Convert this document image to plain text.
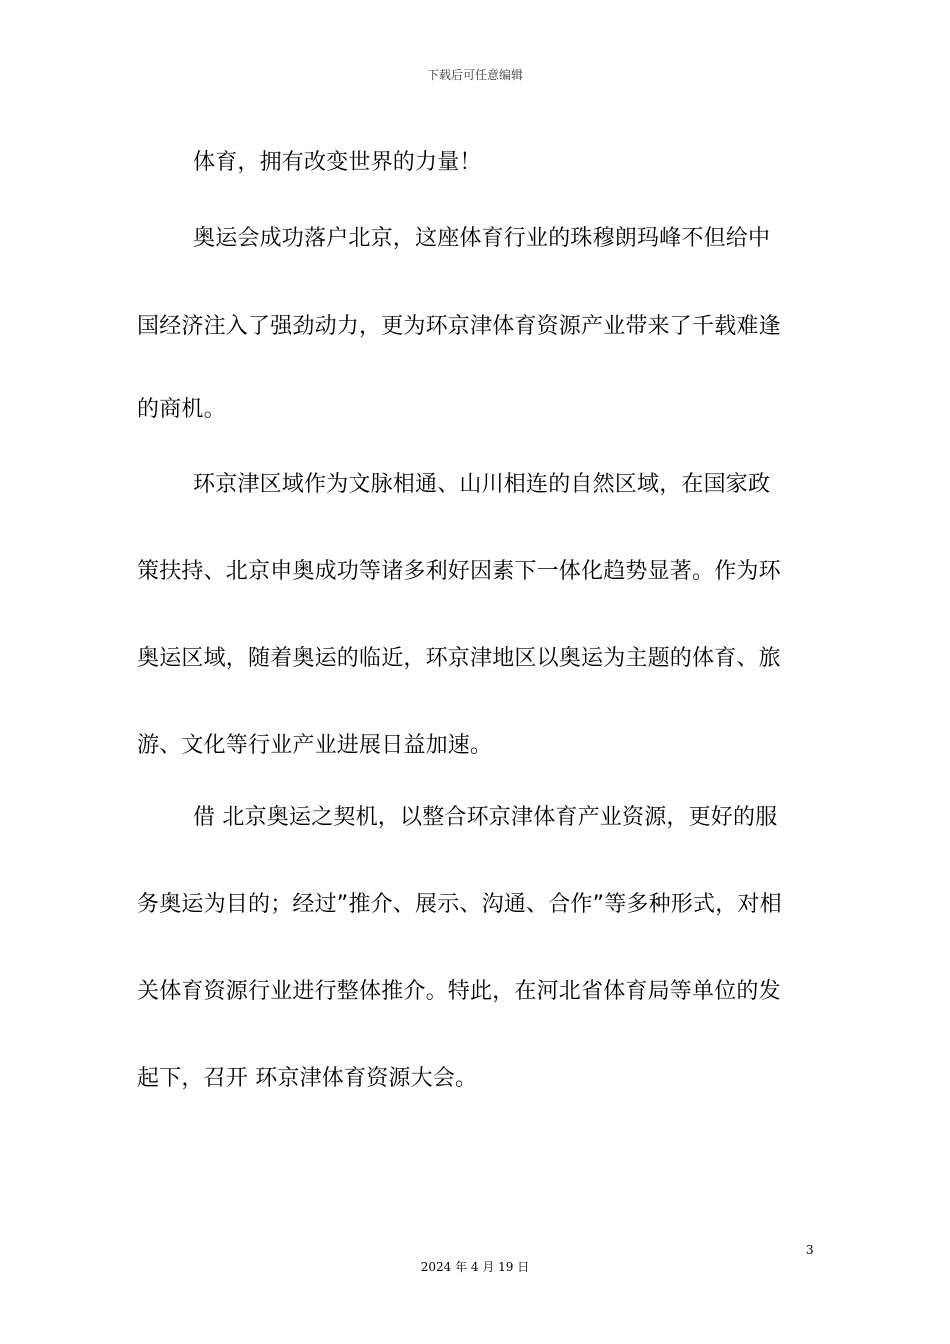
下载后可任意编辑
体育，拥有改变世界的力量！
奥运会成功落户北京，这座体育行业的珠穆朗玛峰不但给中
国经济注入了强劲动力，更为环京津体育资源产业带来了千载难逢
的商机。
环京津区域作为文脉相通、山川相连的自然区域，在国家政
策扶持、北京申奥成功等诸多利好因素下一体化趋势显著。作为环
奥运区域，随着奥运的临近，环京津地区以奥运为主题的体育、旅
游、文化等行业产业进展日益加速。
借 北京奥运之契机，以整合环京津体育产业资源，更好的服
务奥运为目的；经过”推介、展示、沟通、合作”等多种形式，对相
关体育资源行业进行整体推介。特此，在河北省体育局等单位的发
起下，召开 环京津体育资源大会。
3
2024 年 4 月 19 日
